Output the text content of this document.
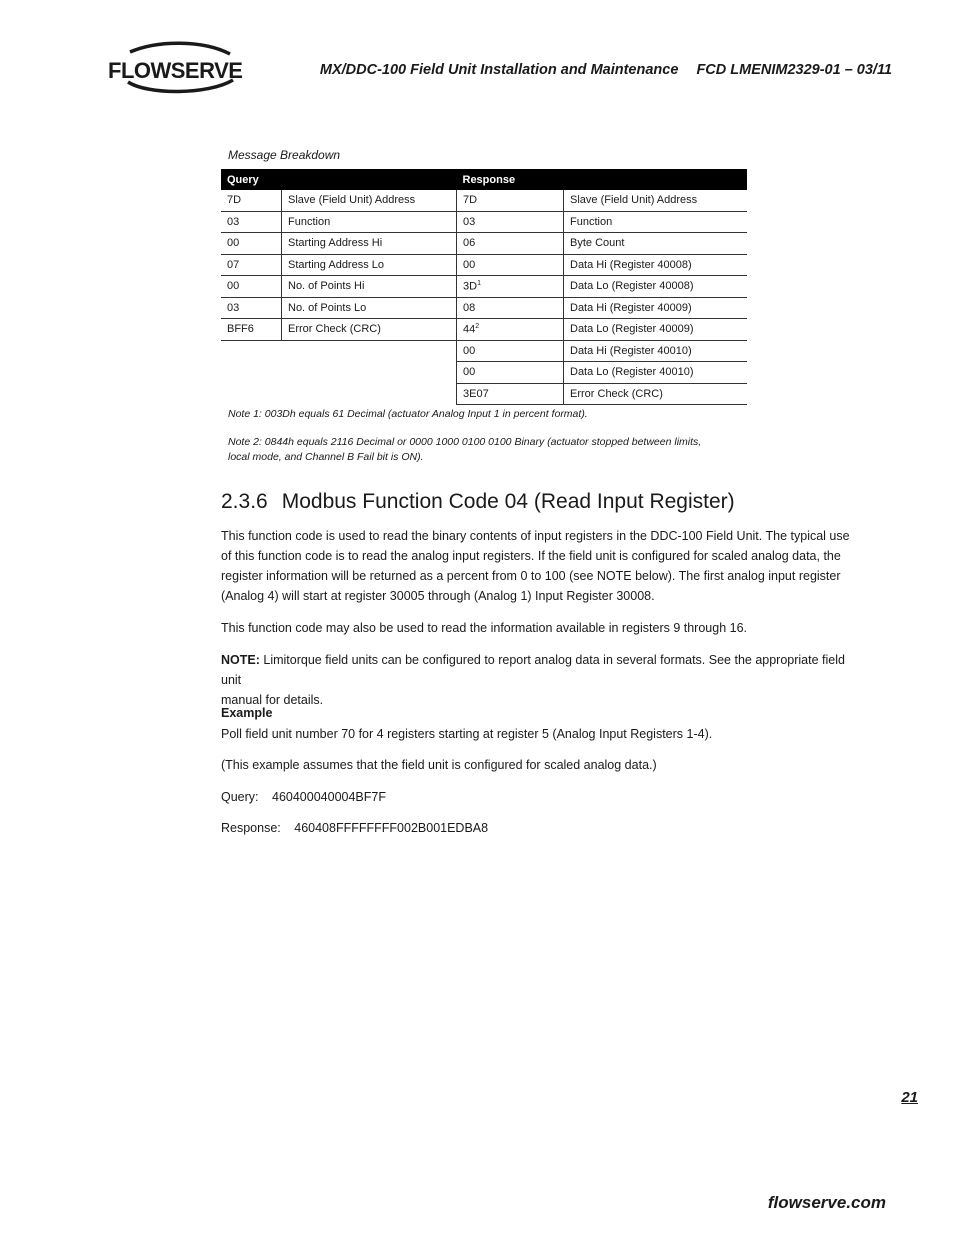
FLOWSERVE	MX/DDC-100 Field Unit Installation and Maintenance FCD LMENIM2329-01 – 03/11
Message Breakdown
Query		Response	
7D	Slave (Field Unit) Address	7D	Slave (Field Unit) Address
03	Function	03	Function
00	Starting Address Hi	06	Byte Count
07	Starting Address Lo	00	Data Hi (Register 40008)
00	No. of Points Hi	$3D^1$	Data Lo (Register 40008)
03	No. of Points Lo	08	Data Hi (Register 40009)
BFF6	Error Check (CRC)	$44^2$	Data Lo (Register 40009)
		00	Data Hi (Register 40010)
		00	Data Lo (Register 40010)
		3E07	Error Check (CRC)
Note 1: 003Dh equals 61 Decimal (actuator Analog Input 1 in percent format).
Note 2: 0844h equals 2116 Decimal or 0000 1000 0100 0100 Binary (actuator stopped between limits,
local mode, and Channel B Fail bit is ON).
2.3.6 Modbus Function Code 04 (Read Input Register)
This function code is used to read the binary contents of input registers in the DDC-100 Field Unit. The typical use
of this function code is to read the analog input registers. If the field unit is configured for scaled analog data, the
register information will be returned as a percent from 0 to 100 (see NOTE below). The first analog input register
(Analog 4) will start at register 30005 through (Analog 1) Input Register 30008.
This function code may also be used to read the information available in registers 9 through 16.
NOTE: Limitorque field units can be configured to report analog data in several formats. See the appropriate field unit
manual for details.
Example
Poll field unit number 70 for 4 registers starting at register 5 (Analog Input Registers 1-4).
(This example assumes that the field unit is configured for scaled analog data.)
Query: 460400040004BF7F
Response: 460408FFFFFFFF002B001EDBA8
21
flowserve.com
